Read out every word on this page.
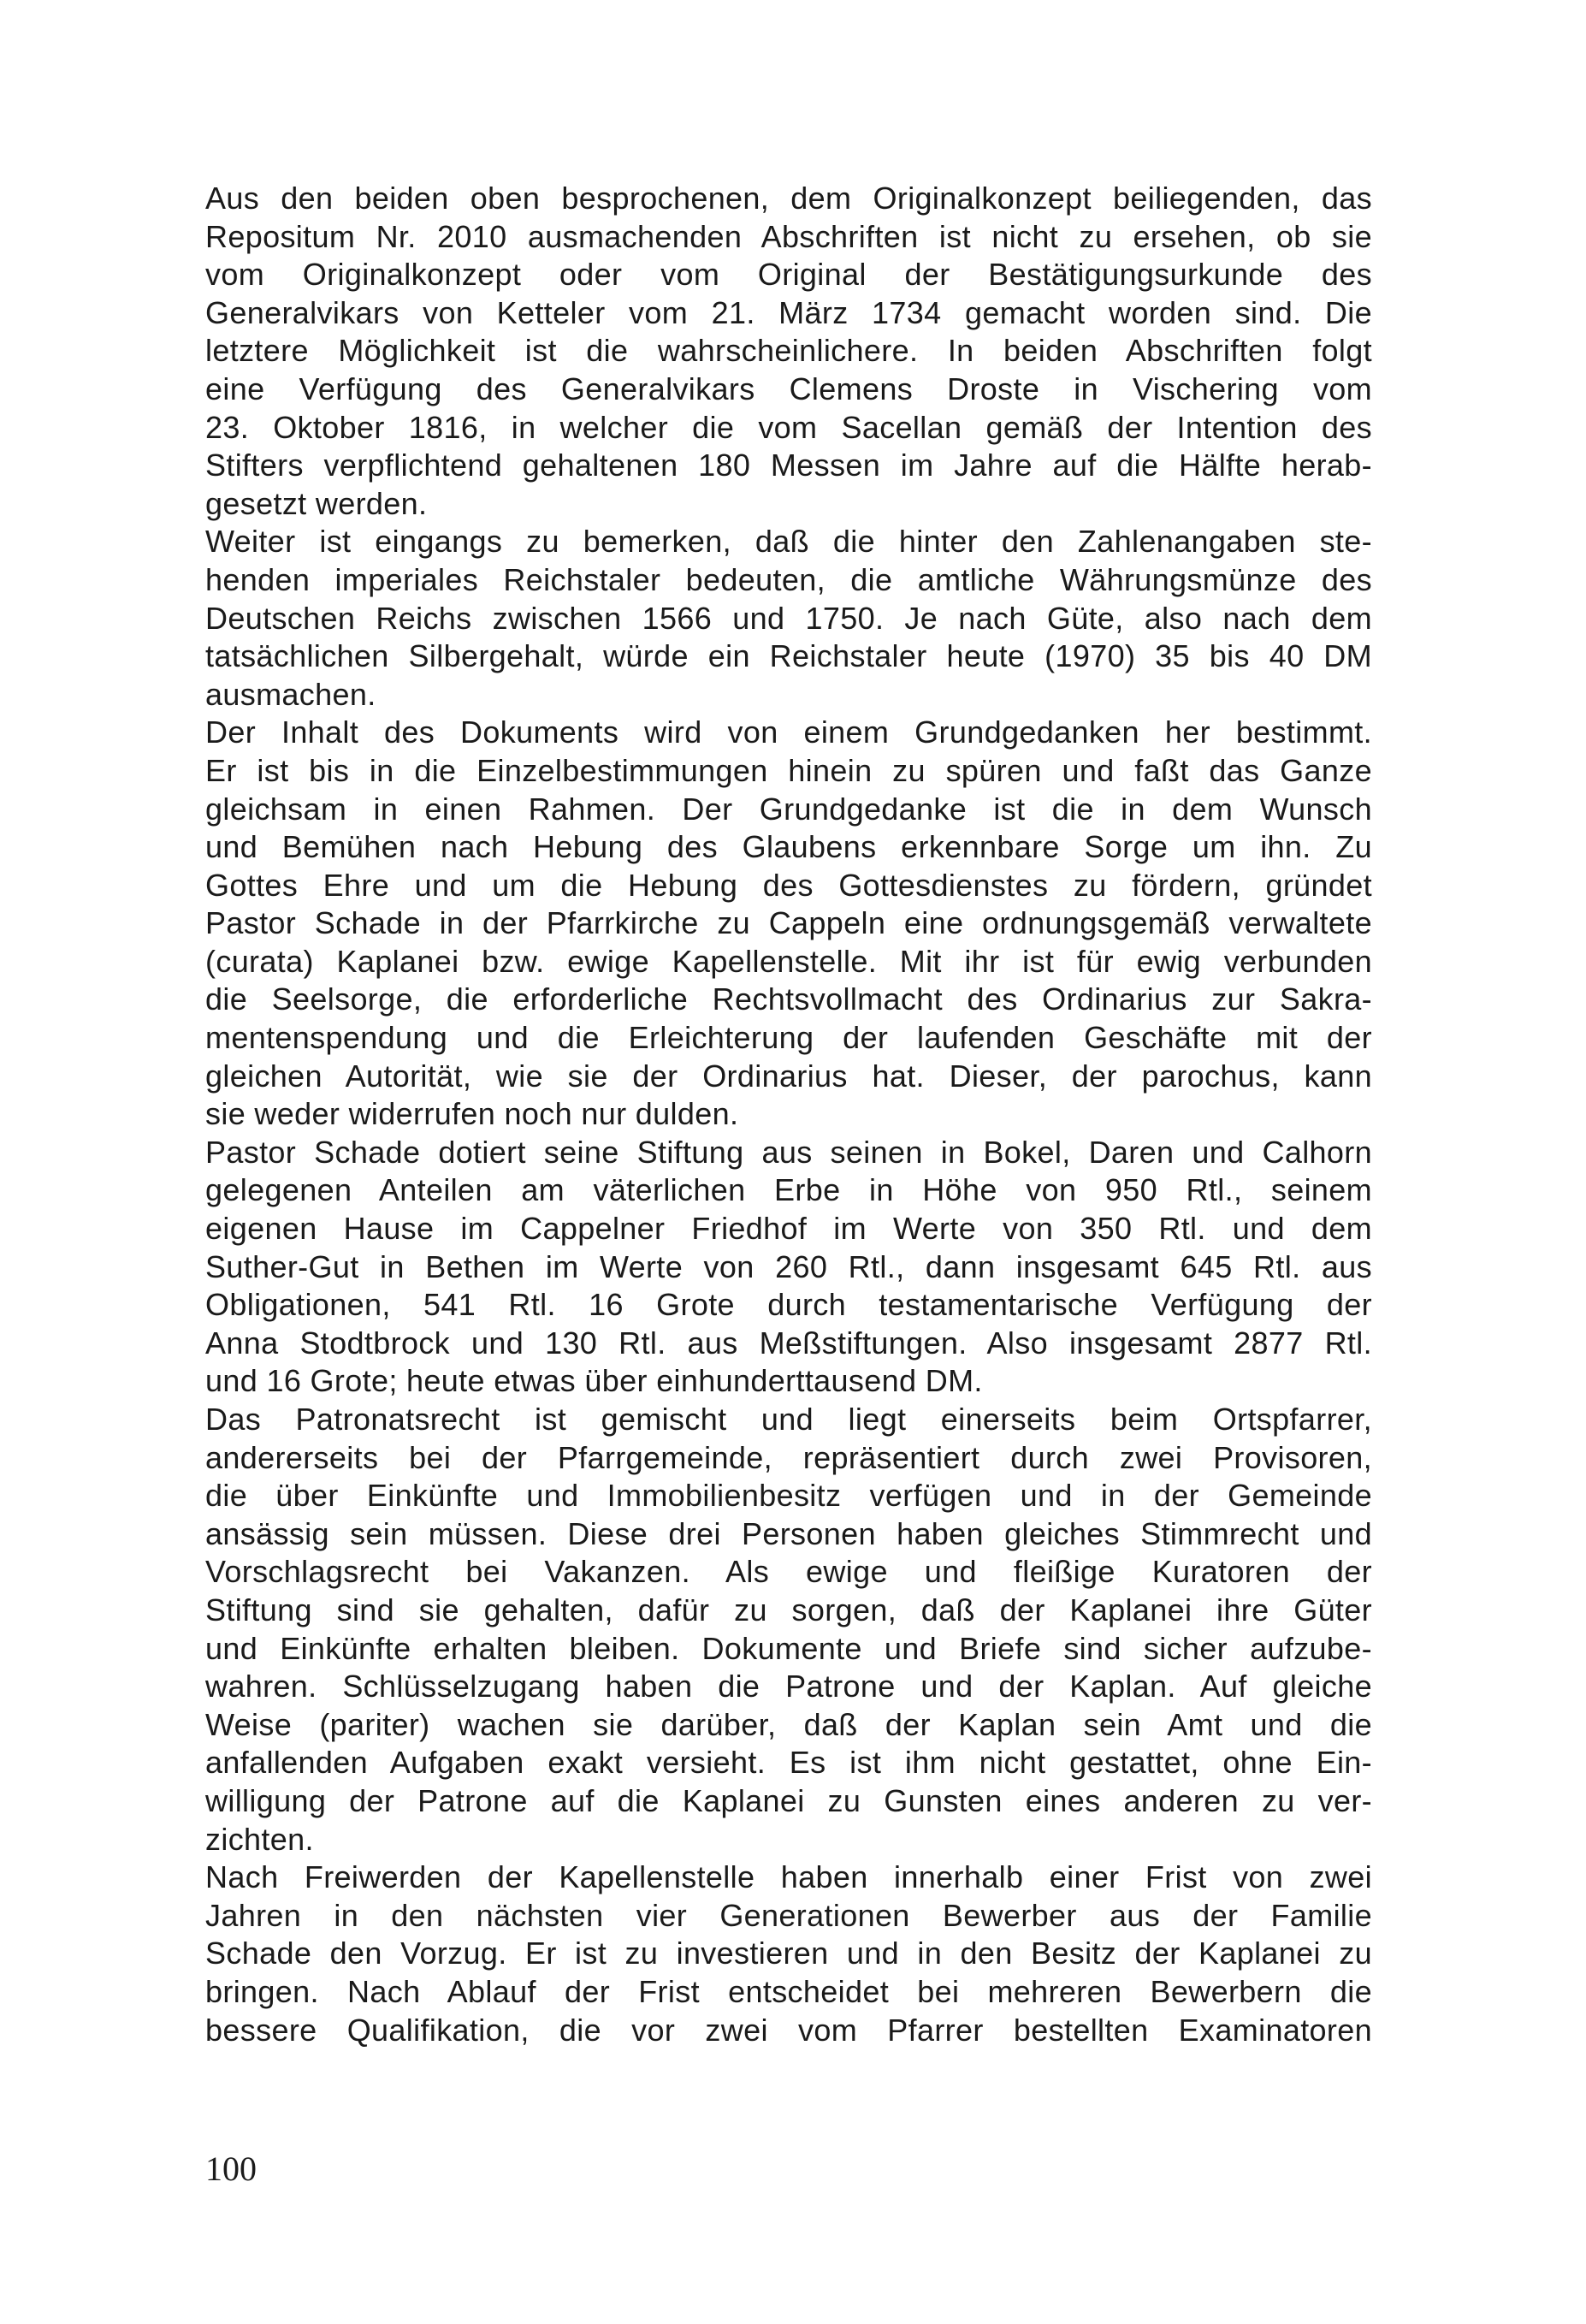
Aus den beiden oben besprochenen, dem Originalkonzept beiliegenden, das
Repositum Nr. 2010 ausmachenden Abschriften ist nicht zu ersehen, ob sie
vom Originalkonzept oder vom Original der Bestätigungsurkunde des
Generalvikars von Ketteler vom 21. März 1734 gemacht worden sind. Die
letztere Möglichkeit ist die wahrscheinlichere. In beiden Abschriften folgt
eine Verfügung des Generalvikars Clemens Droste in Vischering vom
23. Oktober 1816, in welcher die vom Sacellan gemäß der Intention des
Stifters verpflichtend gehaltenen 180 Messen im Jahre auf die Hälfte herab-
gesetzt werden.

Weiter ist eingangs zu bemerken, daß die hinter den Zahlenangaben ste-
henden imperiales Reichstaler bedeuten, die amtliche Währungsmünze des
Deutschen Reichs zwischen 1566 und 1750. Je nach Güte, also nach dem
tatsächlichen Silbergehalt, würde ein Reichstaler heute (1970) 35 bis 40 DM
ausmachen.

Der Inhalt des Dokuments wird von einem Grundgedanken her bestimmt.
Er ist bis in die Einzelbestimmungen hinein zu spüren und faßt das Ganze
gleichsam in einen Rahmen. Der Grundgedanke ist die in dem Wunsch
und Bemühen nach Hebung des Glaubens erkennbare Sorge um ihn. Zu
Gottes Ehre und um die Hebung des Gottesdienstes zu fördern, gründet
Pastor Schade in der Pfarrkirche zu Cappeln eine ordnungsgemäß verwaltete
(curata) Kaplanei bzw. ewige Kapellenstelle. Mit ihr ist für ewig verbunden
die Seelsorge, die erforderliche Rechtsvollmacht des Ordinarius zur Sakra-
mentenspendung und die Erleichterung der laufenden Geschäfte mit der
gleichen Autorität, wie sie der Ordinarius hat. Dieser, der parochus, kann
sie weder widerrufen noch nur dulden.

Pastor Schade dotiert seine Stiftung aus seinen in Bokel, Daren und Calhorn
gelegenen Anteilen am väterlichen Erbe in Höhe von 950 Rtl., seinem
eigenen Hause im Cappelner Friedhof im Werte von 350 Rtl. und dem
Suther-Gut in Bethen im Werte von 260 Rtl., dann insgesamt 645 Rtl. aus
Obligationen, 541 Rtl. 16 Grote durch testamentarische Verfügung der
Anna Stodtbrock und 130 Rtl. aus Meßstiftungen. Also insgesamt 2877 Rtl.
und 16 Grote; heute etwas über einhunderttausend DM.

Das Patronatsrecht ist gemischt und liegt einerseits beim Ortspfarrer,
andererseits bei der Pfarrgemeinde, repräsentiert durch zwei Provisoren,
die über Einkünfte und Immobilienbesitz verfügen und in der Gemeinde
ansässig sein müssen. Diese drei Personen haben gleiches Stimmrecht und
Vorschlagsrecht bei Vakanzen. Als ewige und fleißige Kuratoren der
Stiftung sind sie gehalten, dafür zu sorgen, daß der Kaplanei ihre Güter
und Einkünfte erhalten bleiben. Dokumente und Briefe sind sicher aufzube-
wahren. Schlüsselzugang haben die Patrone und der Kaplan. Auf gleiche
Weise (pariter) wachen sie darüber, daß der Kaplan sein Amt und die
anfallenden Aufgaben exakt versieht. Es ist ihm nicht gestattet, ohne Ein-
willigung der Patrone auf die Kaplanei zu Gunsten eines anderen zu ver-
zichten.

Nach Freiwerden der Kapellenstelle haben innerhalb einer Frist von zwei
Jahren in den nächsten vier Generationen Bewerber aus der Familie
Schade den Vorzug. Er ist zu investieren und in den Besitz der Kaplanei zu
bringen. Nach Ablauf der Frist entscheidet bei mehreren Bewerbern die
bessere Qualifikation, die vor zwei vom Pfarrer bestellten Examinatoren

100
